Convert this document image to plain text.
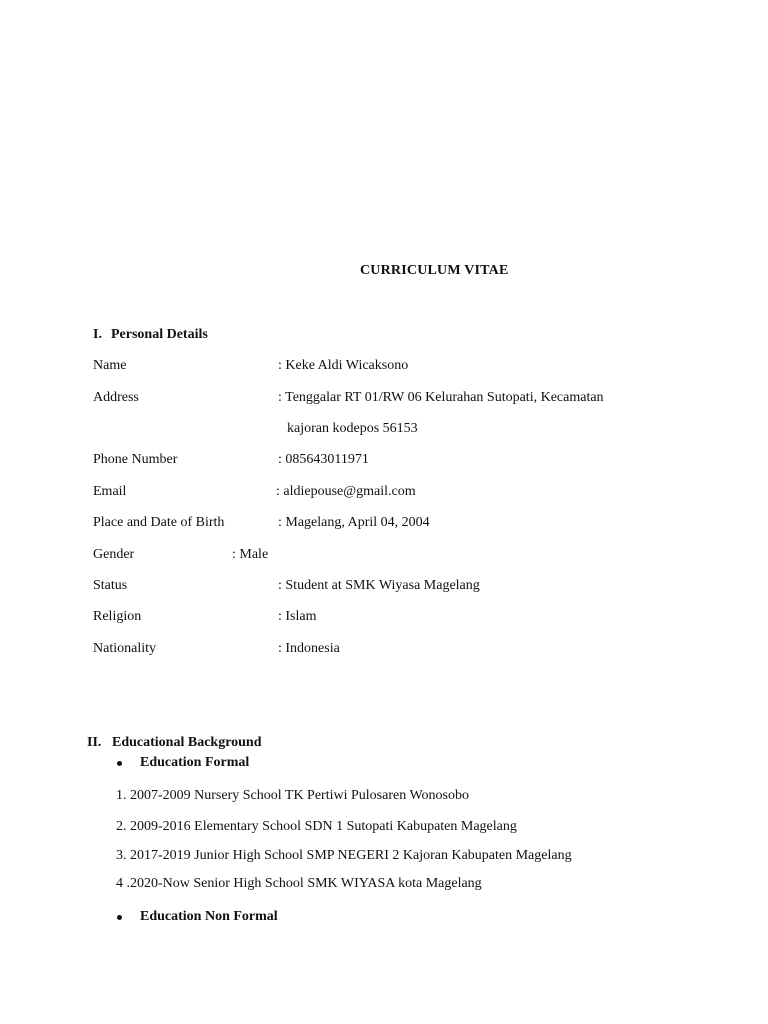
CURRICULUM VITAE
I. Personal Details
Name	: Keke Aldi Wicaksono
Address	: Tenggalar RT 01/RW 06 Kelurahan Sutopati, Kecamatan
kajoran kodepos 56153
Phone Number	: 085643011971
Email	: aldiepouse@gmail.com
Place and Date of Birth	: Magelang, April 04, 2004
Gender	: Male
Status	: Student at SMK Wiyasa Magelang
Religion	: Islam
Nationality	: Indonesia
II. Educational Background
Education Formal
1. 2007-2009 Nursery School TK Pertiwi Pulosaren Wonosobo
2. 2009-2016 Elementary School SDN 1 Sutopati Kabupaten Magelang
3. 2017-2019 Junior High School SMP NEGERI 2 Kajoran Kabupaten Magelang
4 .2020-Now Senior High School SMK WIYASA kota Magelang
Education Non Formal
